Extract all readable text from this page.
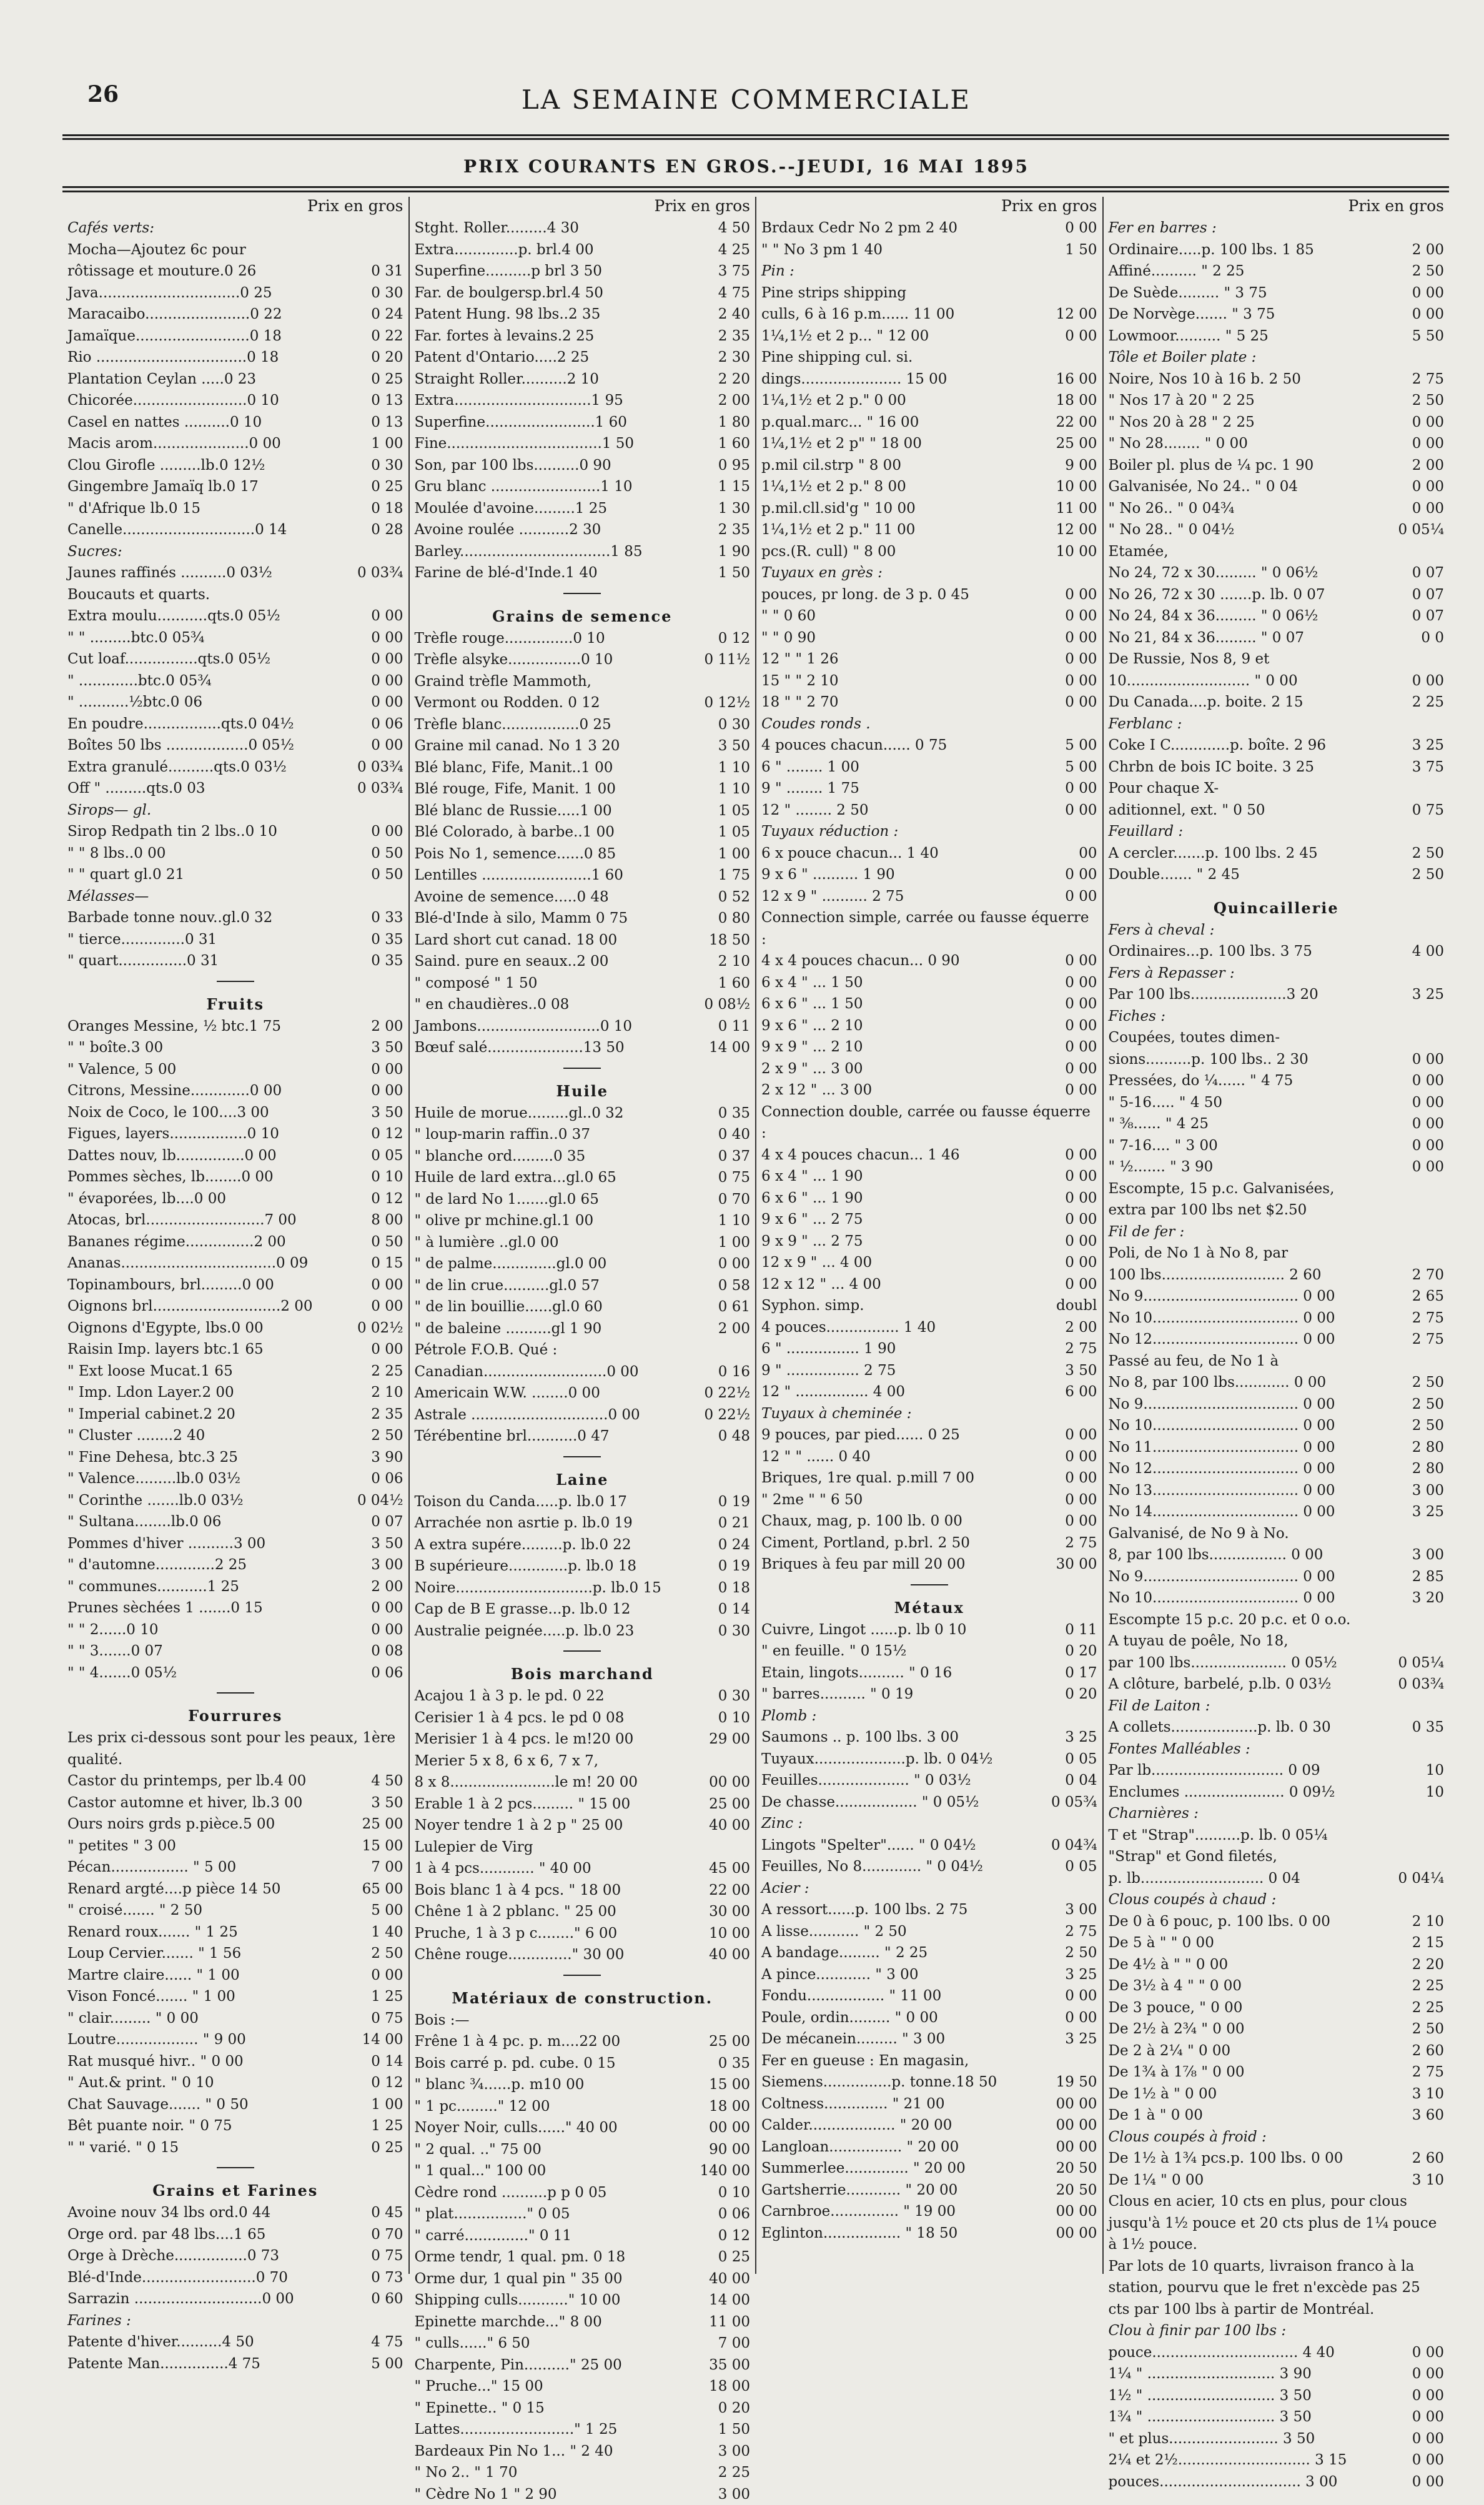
26	LA SEMAINE COMMERCIALE
PRIX COURANTS EN GROS.--JEUDI, 16 MAI 1895
Prix en gros
Cafés verts:
Mocha—Ajoutez 6c pour
rôtissage et mouture.0 26	0 31
Java...............................0 25	0 30
Maracaibo.......................0 22	0 24
Jamaïque.........................0 18	0 22
Rio .................................0 18	0 20
Plantation Ceylan .....0 23	0 25
Chicorée.........................0 10	0 13
Casel en nattes ..........0 10	0 13
Macis arom.....................0 00	1 00
Clou Girofle .........lb.0 12½	0 30
Gingembre Jamaïq lb.0 17	0 25
" d'Afrique lb.0 15	0 18
Canelle.............................0 14	0 28
Sucres:
Jaunes raffinés ..........0 03½	0 03¾
Boucauts et quarts.
Extra moulu...........qts.0 05½	0 00
" " .........btc.0 05¾	0 00
Cut loaf................qts.0 05½	0 00
" .............btc.0 05¾	0 00
" ...........½btc.0 06	0 00
En poudre.................qts.0 04½	0 06
Boîtes 50 lbs ..................0 05½	0 00
Extra granulé..........qts.0 03½	0 03¾
Off " .........qts.0 03	0 03¾
Sirops— gl.
Sirop Redpath tin 2 lbs..0 10	0 00
" " 8 lbs..0 00	0 50
" " quart gl.0 21	0 50
Mélasses—
Barbade tonne nouv..gl.0 32	0 33
" tierce..............0 31	0 35
" quart...............0 31	0 35
Fruits
Oranges Messine, ½ btc.1 75	2 00
" " boîte.3 00	3 50
" Valence, 5 00	0 00
Citrons, Messine.............0 00	0 00
Noix de Coco, le 100....3 00	3 50
Figues, layers.................0 10	0 12
Dattes nouv, lb...............0 00	0 05
Pommes sèches, lb........0 00	0 10
" évaporées, lb....0 00	0 12
Atocas, brl..........................7 00	8 00
Bananes régime...............2 00	0 50
Ananas..................................0 09	0 15
Topinambours, brl.........0 00	0 00
Oignons brl............................2 00	0 00
Oignons d'Egypte, lbs.0 00	0 02½
Raisin Imp. layers btc.1 65	0 00
" Ext loose Mucat.1 65	2 25
" Imp. Ldon Layer.2 00	2 10
" Imperial cabinet.2 20	2 35
" Cluster ........2 40	2 50
" Fine Dehesa, btc.3 25	3 90
" Valence.........lb.0 03½	0 06
" Corinthe .......lb.0 03½	0 04½
" Sultana........lb.0 06	0 07
Pommes d'hiver ..........3 00	3 50
" d'automne.............2 25	3 00
" communes...........1 25	2 00
Prunes sèchées 1 .......0 15	0 00
" " 2......0 10	0 00
" " 3.......0 07	0 08
" " 4.......0 05½	0 06
Fourrures
Les prix ci-dessous sont pour les peaux, 1ère qualité.
Castor du printemps, per lb.4 00	4 50
Castor automne et hiver, lb.3 00	3 50
Ours noirs grds p.pièce.5 00	25 00
" petites " 3 00	15 00
Pécan................. " 5 00	7 00
Renard argté....p pièce 14 50	65 00
" croisé....... " 2 50	5 00
Renard roux....... " 1 25	1 40
Loup Cervier....... " 1 56	2 50
Martre claire...... " 1 00	0 00
Vison Foncé....... " 1 00	1 25
" clair......... " 0 00	0 75
Loutre.................. " 9 00	14 00
Rat musqué hivr.. " 0 00	0 14
" Aut.& print. " 0 10	0 12
Chat Sauvage....... " 0 50	1 00
Bêt puante noir. " 0 75	1 25
" " varié. " 0 15	0 25
Grains et Farines
Avoine nouv 34 lbs ord.0 44	0 45
Orge ord. par 48 lbs....1 65	0 70
Orge à Drèche................0 73	0 75
Blé-d'Inde.........................0 70	0 73
Sarrazin ............................0 00	0 60
Farines :
Patente d'hiver..........4 50	4 75
Patente Man...............4 75	5 00
Prix en gros
Stght. Roller.........4 30	4 50
Extra..............p. brl.4 00	4 25
Superfine..........p brl 3 50	3 75
Far. de boulgersp.brl.4 50	4 75
Patent Hung. 98 lbs..2 35	2 40
Far. fortes à levains.2 25	2 35
Patent d'Ontario.....2 25	2 30
Straight Roller..........2 10	2 20
Extra..............................1 95	2 00
Superfine........................1 60	1 80
Fine..................................1 50	1 60
Son, par 100 lbs..........0 90	0 95
Gru blanc ........................1 10	1 15
Moulée d'avoine.........1 25	1 30
Avoine roulée ...........2 30	2 35
Barley.................................1 85	1 90
Farine de blé-d'Inde.1 40	1 50
Grains de semence
Trèfle rouge...............0 10	0 12
Trèfle alsyke................0 10	0 11½
Graind trèfle Mammoth,
Vermont ou Rodden. 0 12	0 12½
Trèfle blanc.................0 25	0 30
Graine mil canad. No 1 3 20	3 50
Blé blanc, Fife, Manit..1 00	1 10
Blé rouge, Fife, Manit. 1 00	1 10
Blé blanc de Russie.....1 00	1 05
Blé Colorado, à barbe..1 00	1 05
Pois No 1, semence......0 85	1 00
Lentilles ........................1 60	1 75
Avoine de semence.....0 48	0 52
Blé-d'Inde à silo, Mamm 0 75	0 80
Lard short cut canad. 18 00	18 50
Saind. pure en seaux..2 00	2 10
" composé " 1 50	1 60
" en chaudières..0 08	0 08½
Jambons...........................0 10	0 11
Bœuf salé.....................13 50	14 00
Huile
Huile de morue.........gl..0 32	0 35
" loup-marin raffin..0 37	0 40
" blanche ord.........0 35	0 37
Huile de lard extra...gl.0 65	0 75
" de lard No 1.......gl.0 65	0 70
" olive pr mchine.gl.1 00	1 10
" à lumière ..gl.0 00	1 00
" de palme..............gl.0 00	0 00
" de lin crue..........gl.0 57	0 58
" de lin bouillie......gl.0 60	0 61
" de baleine ..........gl 1 90	2 00
Pétrole F.O.B. Qué :
Canadian...........................0 00	0 16
Americain W.W. ........0 00	0 22½
Astrale ..............................0 00	0 22½
Térébentine brl...........0 47	0 48
Laine
Toison du Canda.....p. lb.0 17	0 19
Arrachée non asrtie p. lb.0 19	0 21
A extra supére.........p. lb.0 22	0 24
B supérieure.............p. lb.0 18	0 19
Noire..............................p. lb.0 15	0 18
Cap de B E grasse...p. lb.0 12	0 14
Australie peignée.....p. lb.0 23	0 30
Bois marchand
Acajou 1 à 3 p. le pd. 0 22	0 30
Cerisier 1 à 4 pcs. le pd 0 08	0 10
Merisier 1 à 4 pcs. le m!20 00	29 00
Merier 5 x 8, 6 x 6, 7 x 7,
8 x 8.......................le m! 20 00	00 00
Erable 1 à 2 pcs......... " 15 00	25 00
Noyer tendre 1 à 2 p " 25 00	40 00
Lulepier de Virg
1 à 4 pcs............ " 40 00	45 00
Bois blanc 1 à 4 pcs. " 18 00	22 00
Chêne 1 à 2 pblanc. " 25 00	30 00
Pruche, 1 à 3 p c........" 6 00	10 00
Chêne rouge.............." 30 00	40 00
Matériaux de construction.
Bois :—
Frêne 1 à 4 pc. p. m....22 00	25 00
Bois carré p. pd. cube. 0 15	0 35
" blanc ¾......p. m10 00	15 00
" 1 pc........." 12 00	18 00
Noyer Noir, culls......" 40 00	00 00
" 2 qual. .." 75 00	90 00
" 1 qual..." 100 00	140 00
Cèdre rond ..........p p 0 05	0 10
" plat................" 0 05	0 06
" carré.............." 0 11	0 12
Orme tendr, 1 qual. pm. 0 18	0 25
Orme dur, 1 qual pin " 35 00	40 00
Shipping culls..........." 10 00	14 00
Epinette marchde..." 8 00	11 00
" culls......" 6 50	7 00
Charpente, Pin.........." 25 00	35 00
" Pruche..." 15 00	18 00
" Epinette.. " 0 15	0 20
Lattes........................." 1 25	1 50
Bardeaux Pin No 1... " 2 40	3 00
" No 2.. " 1 70	2 25
" Cèdre No 1 " 2 90	3 00
Prix en gros
Brdaux Cedr No 2 pm 2 40	0 00
" " No 3 pm 1 40	1 50
Pin :
Pine strips shipping
culls, 6 à 16 p.m...... 11 00	12 00
1¼,1½ et 2 p... " 12 00	0 00
Pine shipping cul. si.
dings...................... 15 00	16 00
1¼,1½ et 2 p." 0 00	18 00
p.qual.marc... " 16 00	22 00
1¼,1½ et 2 p" " 18 00	25 00
p.mil cil.strp " 8 00	9 00
1¼,1½ et 2 p." 8 00	10 00
p.mil.cll.sid'g " 10 00	11 00
1¼,1½ et 2 p." 11 00	12 00
pcs.(R. cull) " 8 00	10 00
Tuyaux en grès :
pouces, pr long. de 3 p. 0 45	0 00
" " 0 60	0 00
" " 0 90	0 00
12 " " 1 26	0 00
15 " " 2 10	0 00
18 " " 2 70	0 00
Coudes ronds .
4 pouces chacun...... 0 75	5 00
6 " ........ 1 00	5 00
9 " ........ 1 75	0 00
12 " ........ 2 50	0 00
Tuyaux réduction :
6 x pouce chacun... 1 40	00
9 x 6 " .......... 1 90	0 00
12 x 9 " .......... 2 75	0 00
Connection simple, carrée ou fausse équerre :
4 x 4 pouces chacun... 0 90	0 00
6 x 4 " ... 1 50	0 00
6 x 6 " ... 1 50	0 00
9 x 6 " ... 2 10	0 00
9 x 9 " ... 2 10	0 00
2 x 9 " ... 3 00	0 00
2 x 12 " ... 3 00	0 00
Connection double, carrée ou fausse équerre :
4 x 4 pouces chacun... 1 46	0 00
6 x 4 " ... 1 90	0 00
6 x 6 " ... 1 90	0 00
9 x 6 " ... 2 75	0 00
9 x 9 " ... 2 75	0 00
12 x 9 " ... 4 00	0 00
12 x 12 " ... 4 00	0 00
Syphon. simp.	doubl
4 pouces................ 1 40	2 00
6 " ................ 1 90	2 75
9 " ................ 2 75	3 50
12 " ................ 4 00	6 00
Tuyaux à cheminée :
9 pouces, par pied...... 0 25	0 00
12 " " ...... 0 40	0 00
Briques, 1re qual. p.mill 7 00	0 00
" 2me " " 6 50	0 00
Chaux, mag, p. 100 lb. 0 00	0 00
Ciment, Portland, p.brl. 2 50	2 75
Briques à feu par mill 20 00	30 00
Métaux
Cuivre, Lingot ......p. lb 0 10	0 11
" en feuille. " 0 15½	0 20
Etain, lingots.......... " 0 16	0 17
" barres.......... " 0 19	0 20
Plomb :
Saumons .. p. 100 lbs. 3 00	3 25
Tuyaux....................p. lb. 0 04½	0 05
Feuilles.................... " 0 03½	0 04
De chasse.................. " 0 05½	0 05¾
Zinc :
Lingots "Spelter"...... " 0 04½	0 04¾
Feuilles, No 8............. " 0 04½	0 05
Acier :
A ressort......p. 100 lbs. 2 75	3 00
A lisse........... " 2 50	2 75
A bandage......... " 2 25	2 50
A pince............ " 3 00	3 25
Fondu................. " 11 00	0 00
Poule, ordin......... " 0 00	0 00
De mécanein......... " 3 00	3 25
Fer en gueuse : En magasin,
Siemens...............p. tonne.18 50	19 50
Coltness.............. " 21 00	00 00
Calder................... " 20 00	00 00
Langloan................ " 20 00	00 00
Summerlee.............. " 20 00	20 50
Gartsherrie............ " 20 00	20 50
Carnbroe............... " 19 00	00 00
Eglinton................. " 18 50	00 00
Prix en gros
Fer en barres :
Ordinaire.....p. 100 lbs. 1 85	2 00
Affiné.......... " 2 25	2 50
De Suède......... " 3 75	0 00
De Norvège....... " 3 75	0 00
Lowmoor.......... " 5 25	5 50
Tôle et Boiler plate :
Noire, Nos 10 à 16 b. 2 50	2 75
" Nos 17 à 20 " 2 25	2 50
" Nos 20 à 28 " 2 25	0 00
" No 28........ " 0 00	0 00
Boiler pl. plus de ¼ pc. 1 90	2 00
Galvanisée, No 24.. " 0 04	0 00
" No 26.. " 0 04¾	0 00
" No 28.. " 0 04½	0 05¼
Etamée,
No 24, 72 x 30......... " 0 06½	0 07
No 26, 72 x 30 .......p. lb. 0 07	0 07
No 24, 84 x 36......... " 0 06½	0 07
No 21, 84 x 36......... " 0 07	0 0
De Russie, Nos 8, 9 et
10........................... " 0 00	0 00
Du Canada....p. boite. 2 15	2 25
Ferblanc :
Coke I C.............p. boîte. 2 96	3 25
Chrbn de bois IC boite. 3 25	3 75
Pour chaque X-
aditionnel, ext. " 0 50	0 75
Feuillard :
A cercler.......p. 100 lbs. 2 45	2 50
Double....... " 2 45	2 50
Quincaillerie
Fers à cheval :
Ordinaires...p. 100 lbs. 3 75	4 00
Fers à Repasser :
Par 100 lbs.....................3 20	3 25
Fiches :
Coupées, toutes dimen-
sions..........p. 100 lbs.. 2 30	0 00
Pressées, do ¼...... " 4 75	0 00
" 5-16..... " 4 50	0 00
" ⅜...... " 4 25	0 00
" 7-16.... " 3 00	0 00
" ½....... " 3 90	0 00
Escompte, 15 p.c. Galvanisées,
extra par 100 lbs net $2.50
Fil de fer :
Poli, de No 1 à No 8, par
100 lbs........................... 2 60	2 70
No 9.................................. 0 00	2 65
No 10................................ 0 00	2 75
No 12................................ 0 00	2 75
Passé au feu, de No 1 à
No 8, par 100 lbs............ 0 00	2 50
No 9.................................. 0 00	2 50
No 10................................ 0 00	2 50
No 11................................ 0 00	2 80
No 12................................ 0 00	2 80
No 13................................ 0 00	3 00
No 14................................ 0 00	3 25
Galvanisé, de No 9 à No.
8, par 100 lbs................. 0 00	3 00
No 9.................................. 0 00	2 85
No 10................................ 0 00	3 20
Escompte 15 p.c. 20 p.c. et 0 o.o.
A tuyau de poêle, No 18,
par 100 lbs..................... 0 05½	0 05¼
A clôture, barbelé, p.lb. 0 03½	0 03¾
Fil de Laiton :
A collets...................p. lb. 0 30	0 35
Fontes Malléables :
Par lb............................. 0 09	10
Enclumes ...................... 0 09½	10
Charnières :
T et "Strap"..........p. lb. 0 05¼
"Strap" et Gond filetés,
p. lb........................... 0 04	0 04¼
Clous coupés à chaud :
De 0 à 6 pouc, p. 100 lbs. 0 00	2 10
De 5 à " " 0 00	2 15
De 4½ à " " 0 00	2 20
De 3½ à 4 " " 0 00	2 25
De 3 pouce, " 0 00	2 25
De 2½ à 2¾ " 0 00	2 50
De 2 à 2¼ " 0 00	2 60
De 1¾ à 1⅞ " 0 00	2 75
De 1½ à " 0 00	3 10
De 1 à " 0 00	3 60
Clous coupés à froid :
De 1½ à 1¾ pcs.p. 100 lbs. 0 00	2 60
De 1¼ " 0 00	3 10
Clous en acier, 10 cts en plus, pour clous jusqu'à 1½ pouce et 20 cts plus de 1¼ pouce à 1½ pouce.
Par lots de 10 quarts, livraison franco à la station, pourvu que le fret n'excède pas 25 cts par 100 lbs à partir de Montréal.
Clou à finir par 100 lbs :
pouce................................ 4 40	0 00
1¼ " ............................ 3 90	0 00
1½ " ............................ 3 50	0 00
1¾ " ............................ 3 50	0 00
" et plus........................ 3 50	0 00
2¼ et 2½............................. 3 15	0 00
pouces............................... 3 00	0 00
